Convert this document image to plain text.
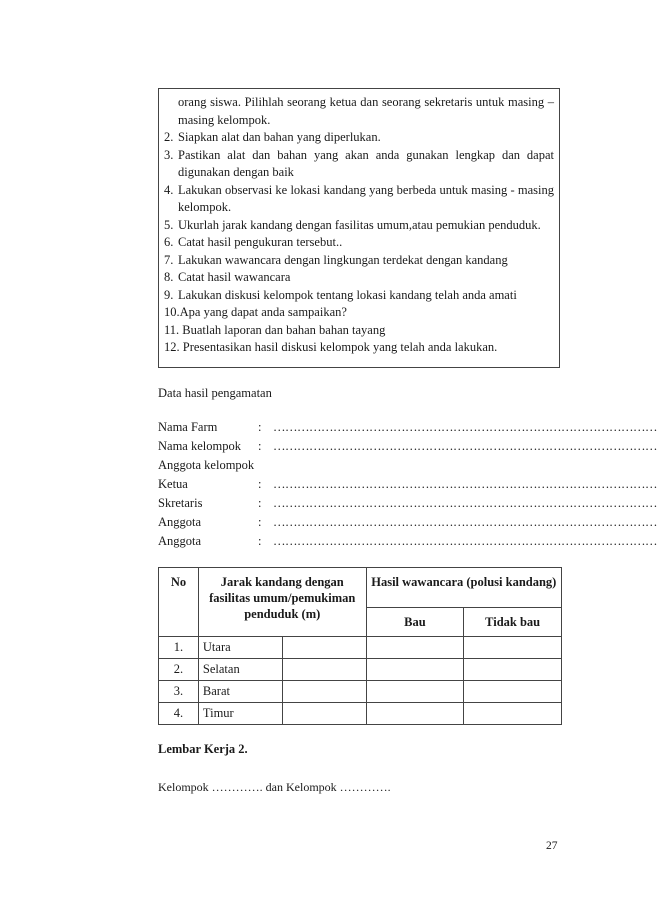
orang siswa. Pilihlah seorang ketua dan seorang sekretaris untuk masing –masing kelompok.
2. Siapkan alat dan bahan yang diperlukan.
3. Pastikan alat dan bahan yang akan anda gunakan lengkap dan dapat digunakan dengan baik
4. Lakukan observasi ke lokasi kandang yang berbeda untuk masing - masing kelompok.
5. Ukurlah jarak kandang dengan fasilitas umum,atau pemukian penduduk.
6. Catat hasil pengukuran tersebut..
7. Lakukan wawancara dengan lingkungan terdekat dengan kandang
8. Catat hasil wawancara
9. Lakukan diskusi kelompok tentang lokasi kandang telah anda amati
10. Apa yang dapat anda sampaikan?
11. Buatlah laporan dan bahan bahan tayang
12. Presentasikan hasil diskusi kelompok yang telah anda lakukan.
Data hasil pengamatan
Nama Farm	: ……………………………………………………………………………………
Nama kelompok : ……………………………………………………………………………………
Anggota kelompok
Ketua	: ……………………………………………………………………………………
Skretaris	: ……………………………………………………………………………………
Anggota	: ……………………………………………………………………………………
Anggota	: ……………………………………………………………………………………
No	Jarak kandang dengan fasilitas umum/pemukiman penduduk (m)		Hasil wawancara (polusi kandang)	
			Bau	Tidak bau
1.	Utara			
2.	Selatan			
3.	Barat			
4.	Timur			
Lembar Kerja 2.
Kelompok …………. dan Kelompok ………….
27
